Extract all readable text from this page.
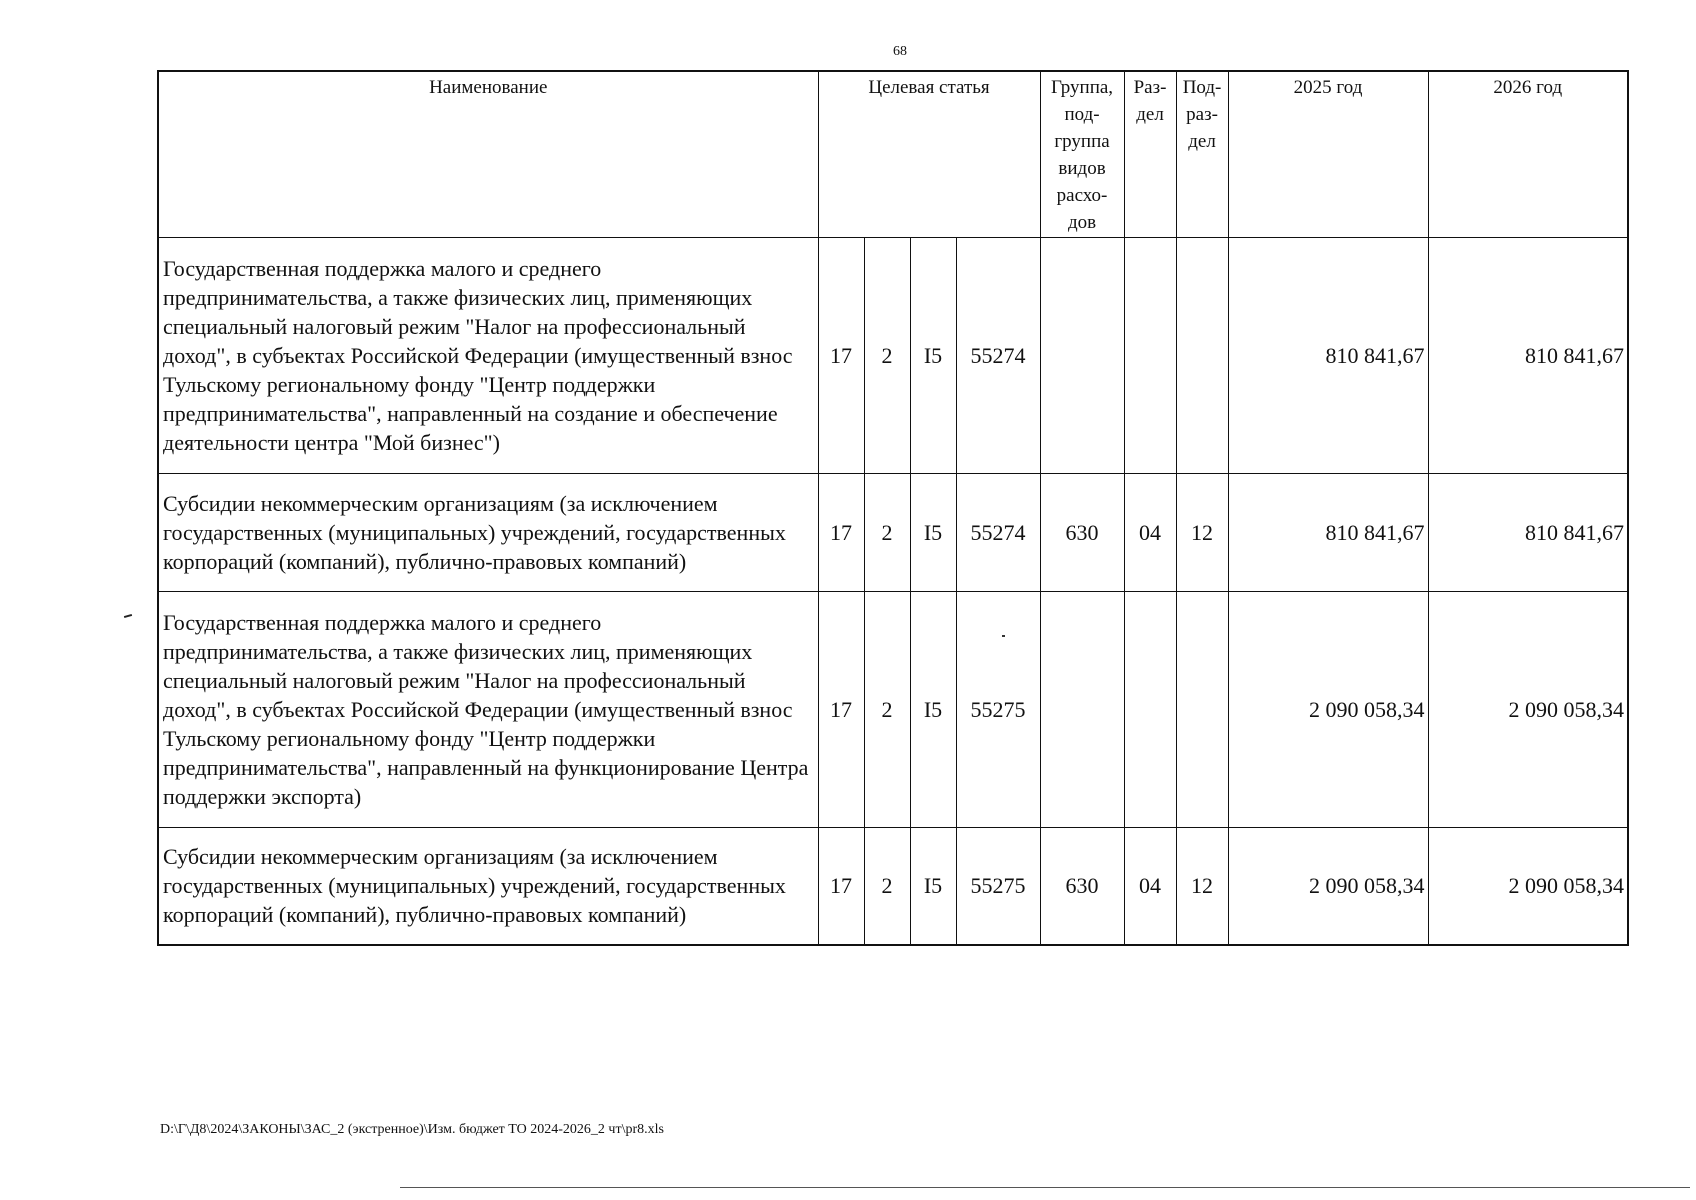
68
Наименование	Целевая статья				Группа, под- группа видов расхо- дов	Раз- дел	Под- раз- дел	2025 год	2026 год
Государственная поддержка малого и среднего предпринимательства, а также физических лиц, применяющих специальный налоговый режим "Налог на профессиональный доход", в субъектах Российской Федерации (имущественный взнос Тульскому региональному фонду "Центр поддержки предпринимательства", направленный на создание и обеспечение деятельности центра "Мой бизнес")	17	2	I5	55274				810 841,67	810 841,67
Субсидии некоммерческим организациям (за исключением государственных (муниципальных) учреждений, государственных корпораций (компаний), публично-правовых компаний)	17	2	I5	55274	630	04	12	810 841,67	810 841,67
Государственная поддержка малого и среднего предпринимательства, а также физических лиц, применяющих специальный налоговый режим "Налог на профессиональный доход", в субъектах Российской Федерации (имущественный взнос Тульскому региональному фонду "Центр поддержки предпринимательства", направленный на функционирование Центра поддержки экспорта)	17	2	I5	55275				2 090 058,34	2 090 058,34
Субсидии некоммерческим организациям (за исключением государственных (муниципальных) учреждений, государственных корпораций (компаний), публично-правовых компаний)	17	2	I5	55275	630	04	12	2 090 058,34	2 090 058,34
D:\Г\Д8\2024\ЗАКОНЫ\ЗАС_2 (экстренное)\Изм. бюджет ТО 2024-2026_2 чт\pr8.xls
